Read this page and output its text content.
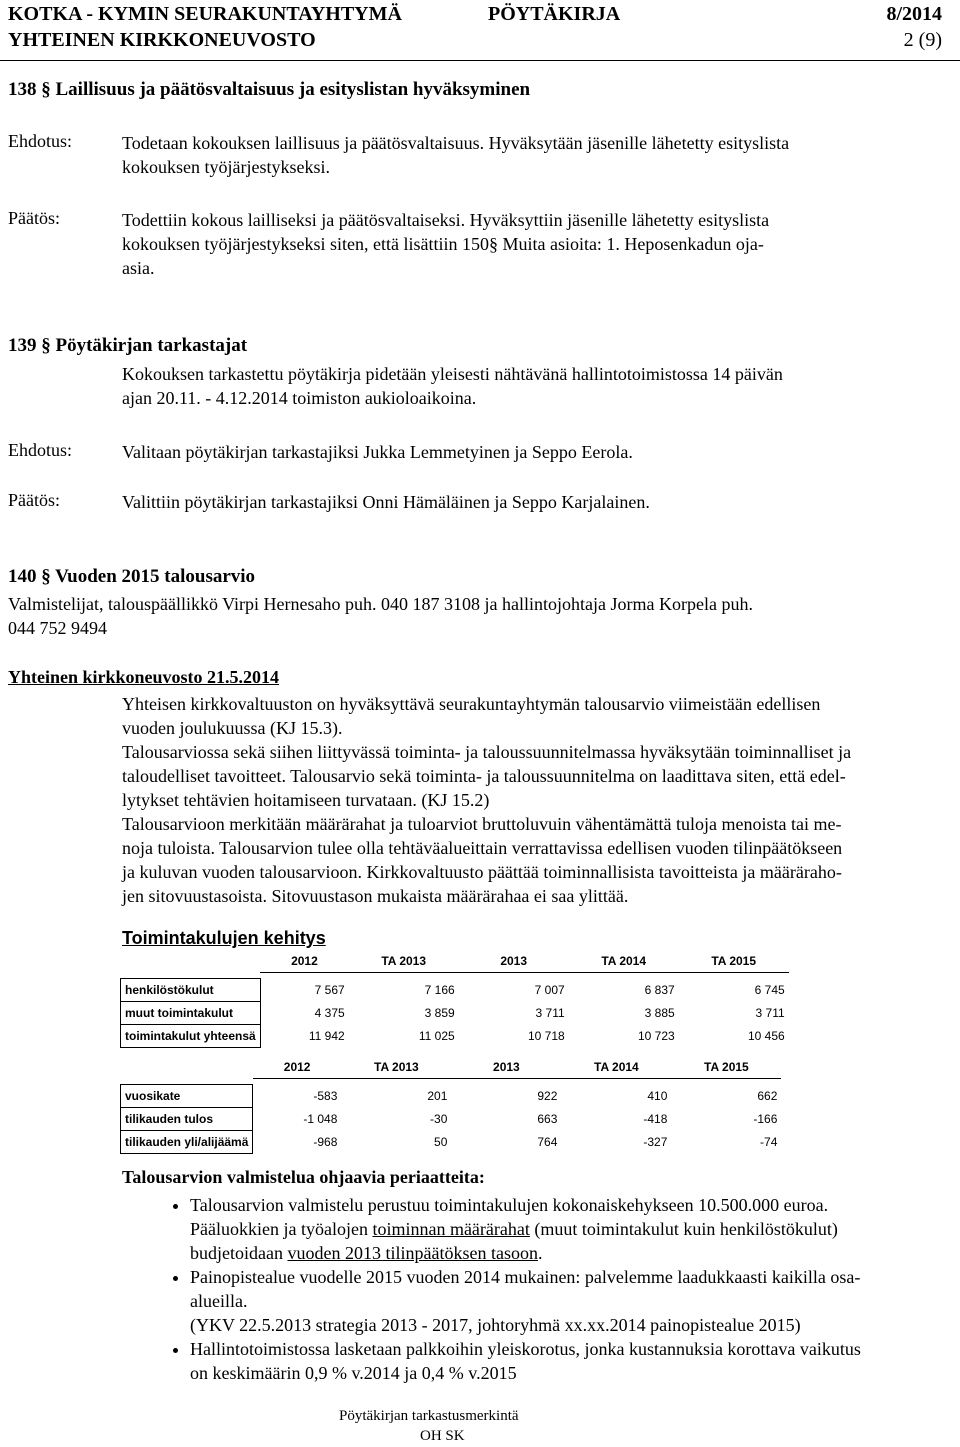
KOTKA - KYMIN SEURAKUNTAYHTYMÄ	PÖYTÄKIRJA	8/2014
YHTEINEN KIRKKONEUVOSTO	2 (9)
138 § Laillisuus ja päätösvaltaisuus ja esityslistan hyväksyminen
Ehdotus:	Todetaan kokouksen laillisuus ja päätösvaltaisuus. Hyväksytään jäsenille lähetetty esityslista
kokouksen työjärjestykseksi.
Päätös:	Todettiin kokous lailliseksi ja päätösvaltaiseksi. Hyväksyttiin jäsenille lähetetty esityslista
kokouksen työjärjestykseksi siten, että lisättiin 150§ Muita asioita: 1. Heposenkadun oja-
asia.
139 § Pöytäkirjan tarkastajat
Kokouksen tarkastettu pöytäkirja pidetään yleisesti nähtävänä hallintotoimistossa 14 päivän
ajan 20.11. - 4.12.2014 toimiston aukioloaikoina.
Ehdotus:	Valitaan pöytäkirjan tarkastajiksi Jukka Lemmetyinen ja Seppo Eerola.
Päätös:	Valittiin pöytäkirjan tarkastajiksi Onni Hämäläinen ja Seppo Karjalainen.
140 § Vuoden 2015 talousarvio
Valmistelijat, talouspäällikkö Virpi Hernesaho puh. 040 187 3108 ja hallintojohtaja Jorma Korpela puh.
044 752 9494
Yhteinen kirkkoneuvosto 21.5.2014
Yhteisen kirkkovaltuuston on hyväksyttävä seurakuntayhtymän talousarvio viimeistään edellisen
vuoden joulukuussa (KJ 15.3).
Talousarviossa sekä siihen liittyvässä toiminta- ja taloussuunnitelmassa hyväksytään toiminnalliset ja
taloudelliset tavoitteet. Talousarvio sekä toiminta- ja taloussuunnitelma on laadittava siten, että edel-
lytykset tehtävien hoitamiseen turvataan. (KJ 15.2)
Talousarvioon merkitään määrärahat ja tuloarviot bruttoluvuin vähentämättä tuloja menoista tai me-
noja tuloista. Talousarvion tulee olla tehtäväalueittain verrattavissa edellisen vuoden tilinpäätökseen
ja kuluvan vuoden talousarvioon. Kirkkovaltuusto päättää toiminnallisista tavoitteista ja määräraho-
jen sitovuustasoista. Sitovuustason mukaista määrärahaa ei saa ylittää.
Toimintakulujen kehitys
	2012	TA 2013	2013	TA 2014	TA 2015

henkilöstökulut	7 567	7 166	7 007	6 837	6 745
muut toimintakulut	4 375	3 859	3 711	3 885	3 711
toimintakulut yhteensä	11 942	11 025	10 718	10 723	10 456
	2012	TA 2013	2013	TA 2014	TA 2015

vuosikate	-583	201	922	410	662
tilikauden tulos	-1 048	-30	663	-418	-166
tilikauden yli/alijäämä	-968	50	764	-327	-74
Talousarvion valmistelua ohjaavia periaatteita:
• Talousarvion valmistelu perustuu toimintakulujen kokonaiskehykseen 10.500.000 euroa.
Pääluokkien ja työalojen toiminnan määrärahat (muut toimintakulut kuin henkilöstökulut)
budjetoidaan vuoden 2013 tilinpäätöksen tasoon.
• Painopistealue vuodelle 2015 vuoden 2014 mukainen: palvelemme laadukkaasti kaikilla osa-
alueilla.
(YKV 22.5.2013 strategia 2013 - 2017, johtoryhmä xx.xx.2014 painopistealue 2015)
• Hallintotoimistossa lasketaan palkkoihin yleiskorotus, jonka kustannuksia korottava vaikutus
on keskimäärin 0,9 % v.2014 ja 0,4 % v.2015
Pöytäkirjan tarkastusmerkintä
OH SK
